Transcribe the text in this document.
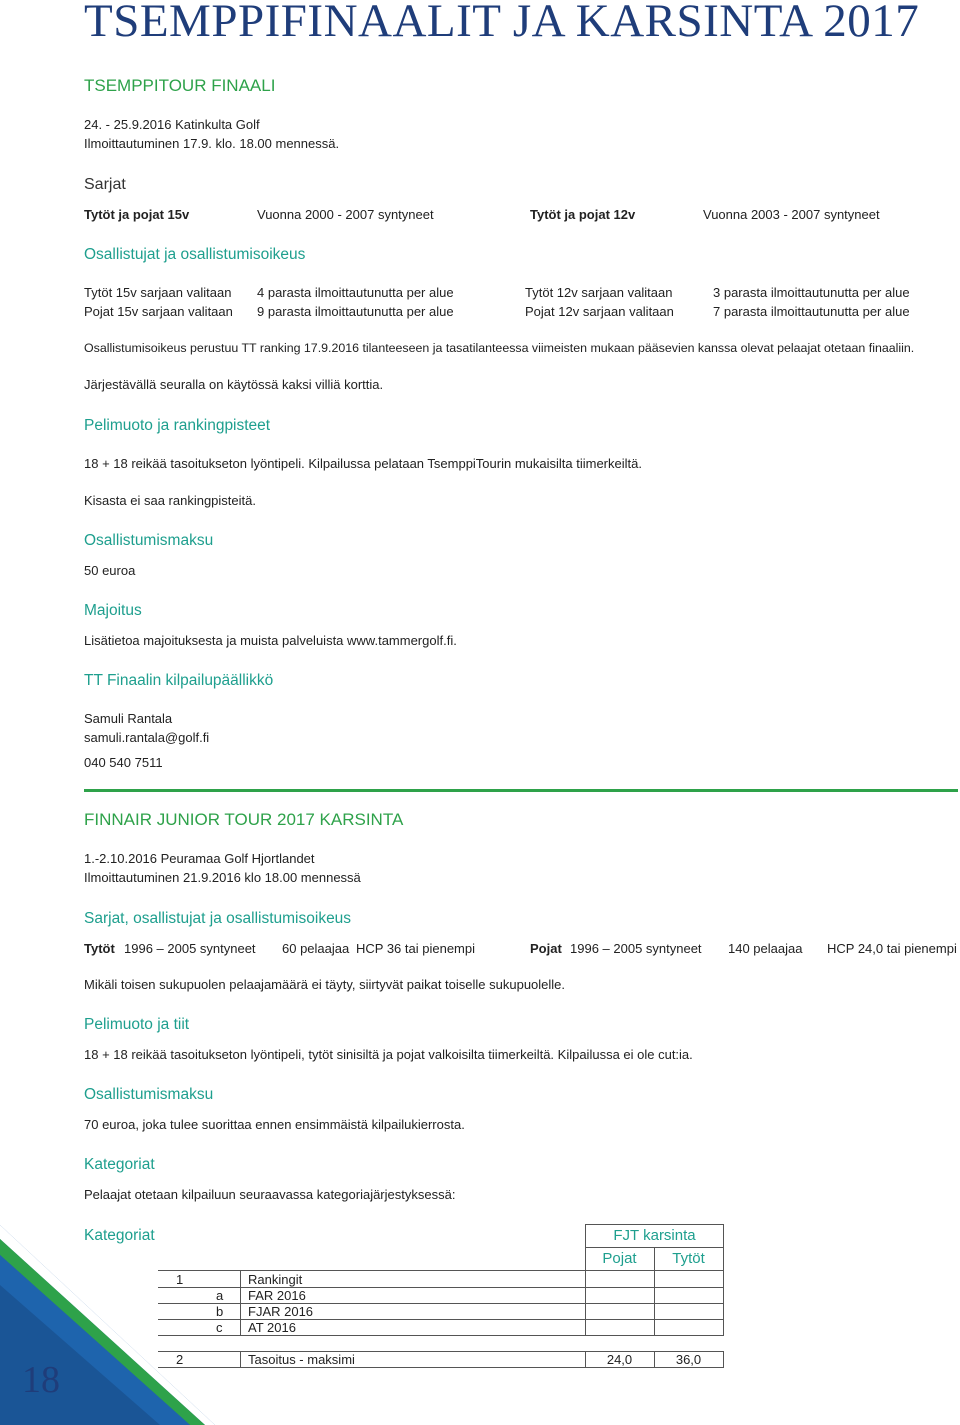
TSEMPPIFINAALIT JA KARSINTA 2017
TSEMPPITOUR FINAALI
24. - 25.9.2016 Katinkulta Golf
Ilmoittautuminen 17.9. klo. 18.00 mennessä.
Sarjat
Tytöt ja pojat 15v	Vuonna 2000 - 2007 syntyneet	Tytöt ja pojat 12v	Vuonna 2003 - 2007 syntyneet
Osallistujat ja osallistumisoikeus
Tytöt 15v sarjaan valitaan 4 parasta ilmoittautunutta per alue	Tytöt 12v sarjaan valitaan	3 parasta ilmoittautunutta per alue
Pojat 15v sarjaan valitaan 9 parasta ilmoittautunutta per alue	Pojat 12v sarjaan valitaan	7 parasta ilmoittautunutta per alue
Osallistumisoikeus perustuu TT ranking 17.9.2016 tilanteeseen ja tasatilanteessa viimeisten mukaan pääsevien kanssa olevat pelaajat otetaan finaaliin.
Järjestävällä seuralla on käytössä kaksi villiä korttia.
Pelimuoto ja rankingpisteet
18 + 18 reikää tasoitukseton lyöntipeli. Kilpailussa pelataan TsemppiTourin mukaisilta tiimerkeiltä.
Kisasta ei saa rankingpisteitä.
Osallistumismaksu
50 euroa
Majoitus
Lisätietoa majoituksesta ja muista palveluista www.tammergolf.fi.
TT Finaalin kilpailupäällikkö
Samuli Rantala
samuli.rantala@golf.fi
040 540 7511
FINNAIR JUNIOR TOUR 2017 KARSINTA
1.-2.10.2016 Peuramaa Golf Hjortlandet
Ilmoittautuminen 21.9.2016 klo 18.00 mennessä
Sarjat, osallistujat ja osallistumisoikeus
Tytöt 1996 – 2005 syntyneet 60 pelaajaa HCP 36 tai pienempi	Pojat 1996 – 2005 syntyneet 140 pelaajaa HCP 24,0 tai pienempi
Mikäli toisen sukupuolen pelaajamäärä ei täyty, siirtyvät paikat toiselle sukupuolelle.
Pelimuoto ja tiit
18 + 18 reikää tasoitukseton lyöntipeli, tytöt sinisiltä ja pojat valkoisilta tiimerkeiltä. Kilpailussa ei ole cut:ia.
Osallistumismaksu
70 euroa, joka tulee suorittaa ennen ensimmäistä kilpailukierrosta.
Kategoriat
Pelaajat otetaan kilpailuun seuraavassa kategoriajärjestyksessä:
Kategoriat	FJT karsinta
Pojat	Tytöt
1	Rankingit
a FAR 2016
b FJAR 2016
c AT 2016
2	Tasoitus - maksimi	24,0	36,0
18
